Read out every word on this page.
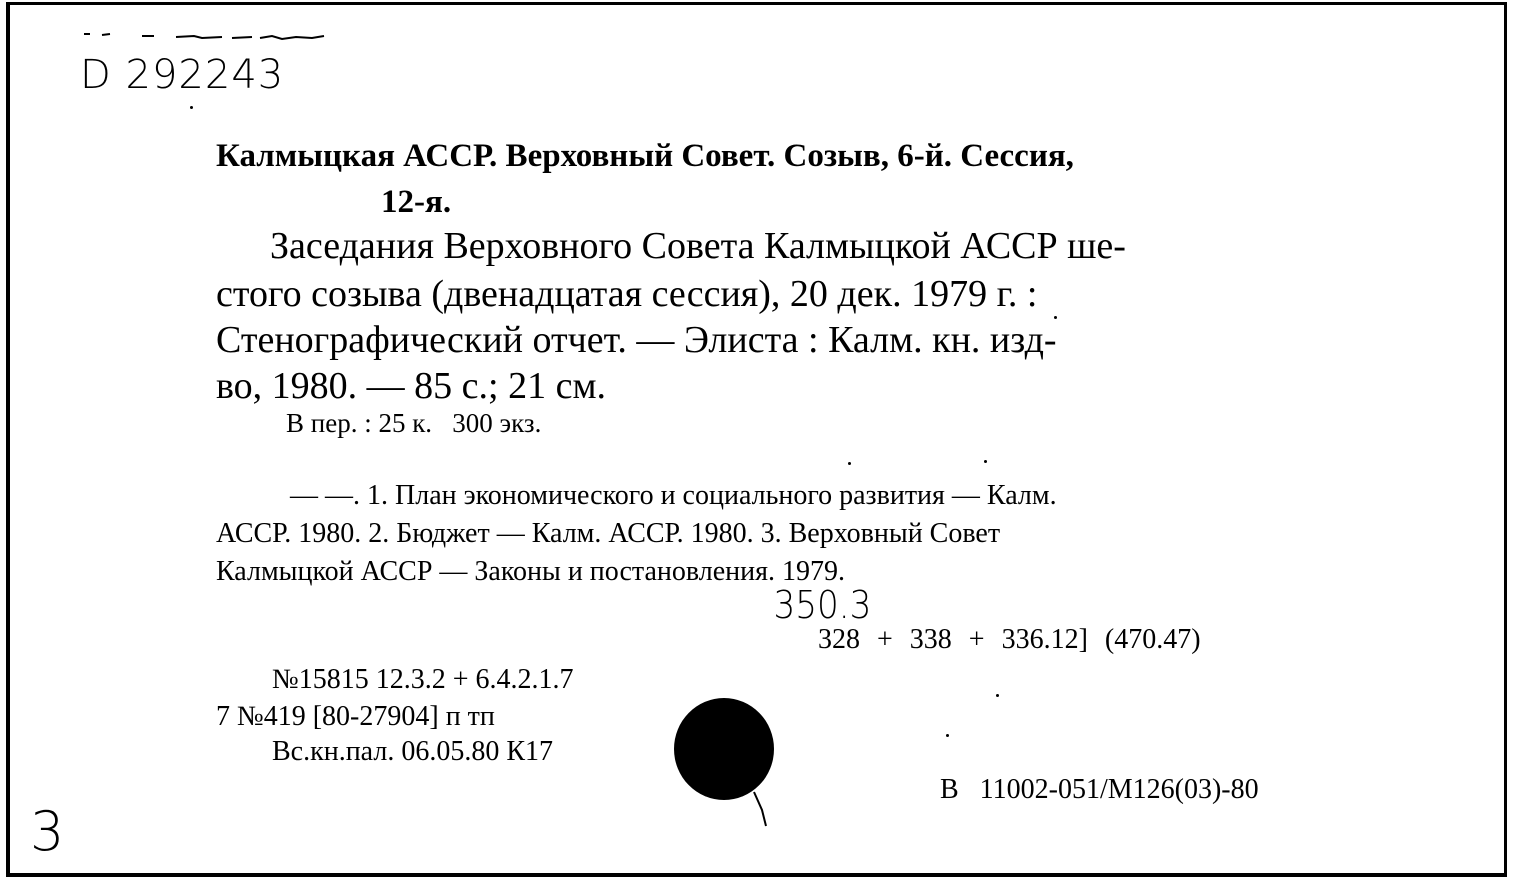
D 292243
Калмыцкая АССР. Верховный Совет. Созыв, 6-й. Сессия,
12-я.
Заседания Верховного Совета Калмыцкой АССР ше-
стого созыва (двенадцатая сессия), 20 дек. 1979 г. :
Стенографический отчет. — Элиста : Калм. кн. изд-
во, 1980. — 85 с.; 21 см.
В пер. : 25 к.   300 экз.
— —. 1. План экономического и социального развития — Калм.
АССР. 1980. 2. Бюджет — Калм. АССР. 1980. 3. Верховный Совет
Калмыцкой АССР — Законы и постановления. 1979.
350.3
328 + 338 + 336.12] (470.47)
№15815 12.3.2 + 6.4.2.1.7
7 №419 [80-27904] п тп
Вс.кн.пал. 06.05.80 К17
В 11002-051/М126(03)-80
3
